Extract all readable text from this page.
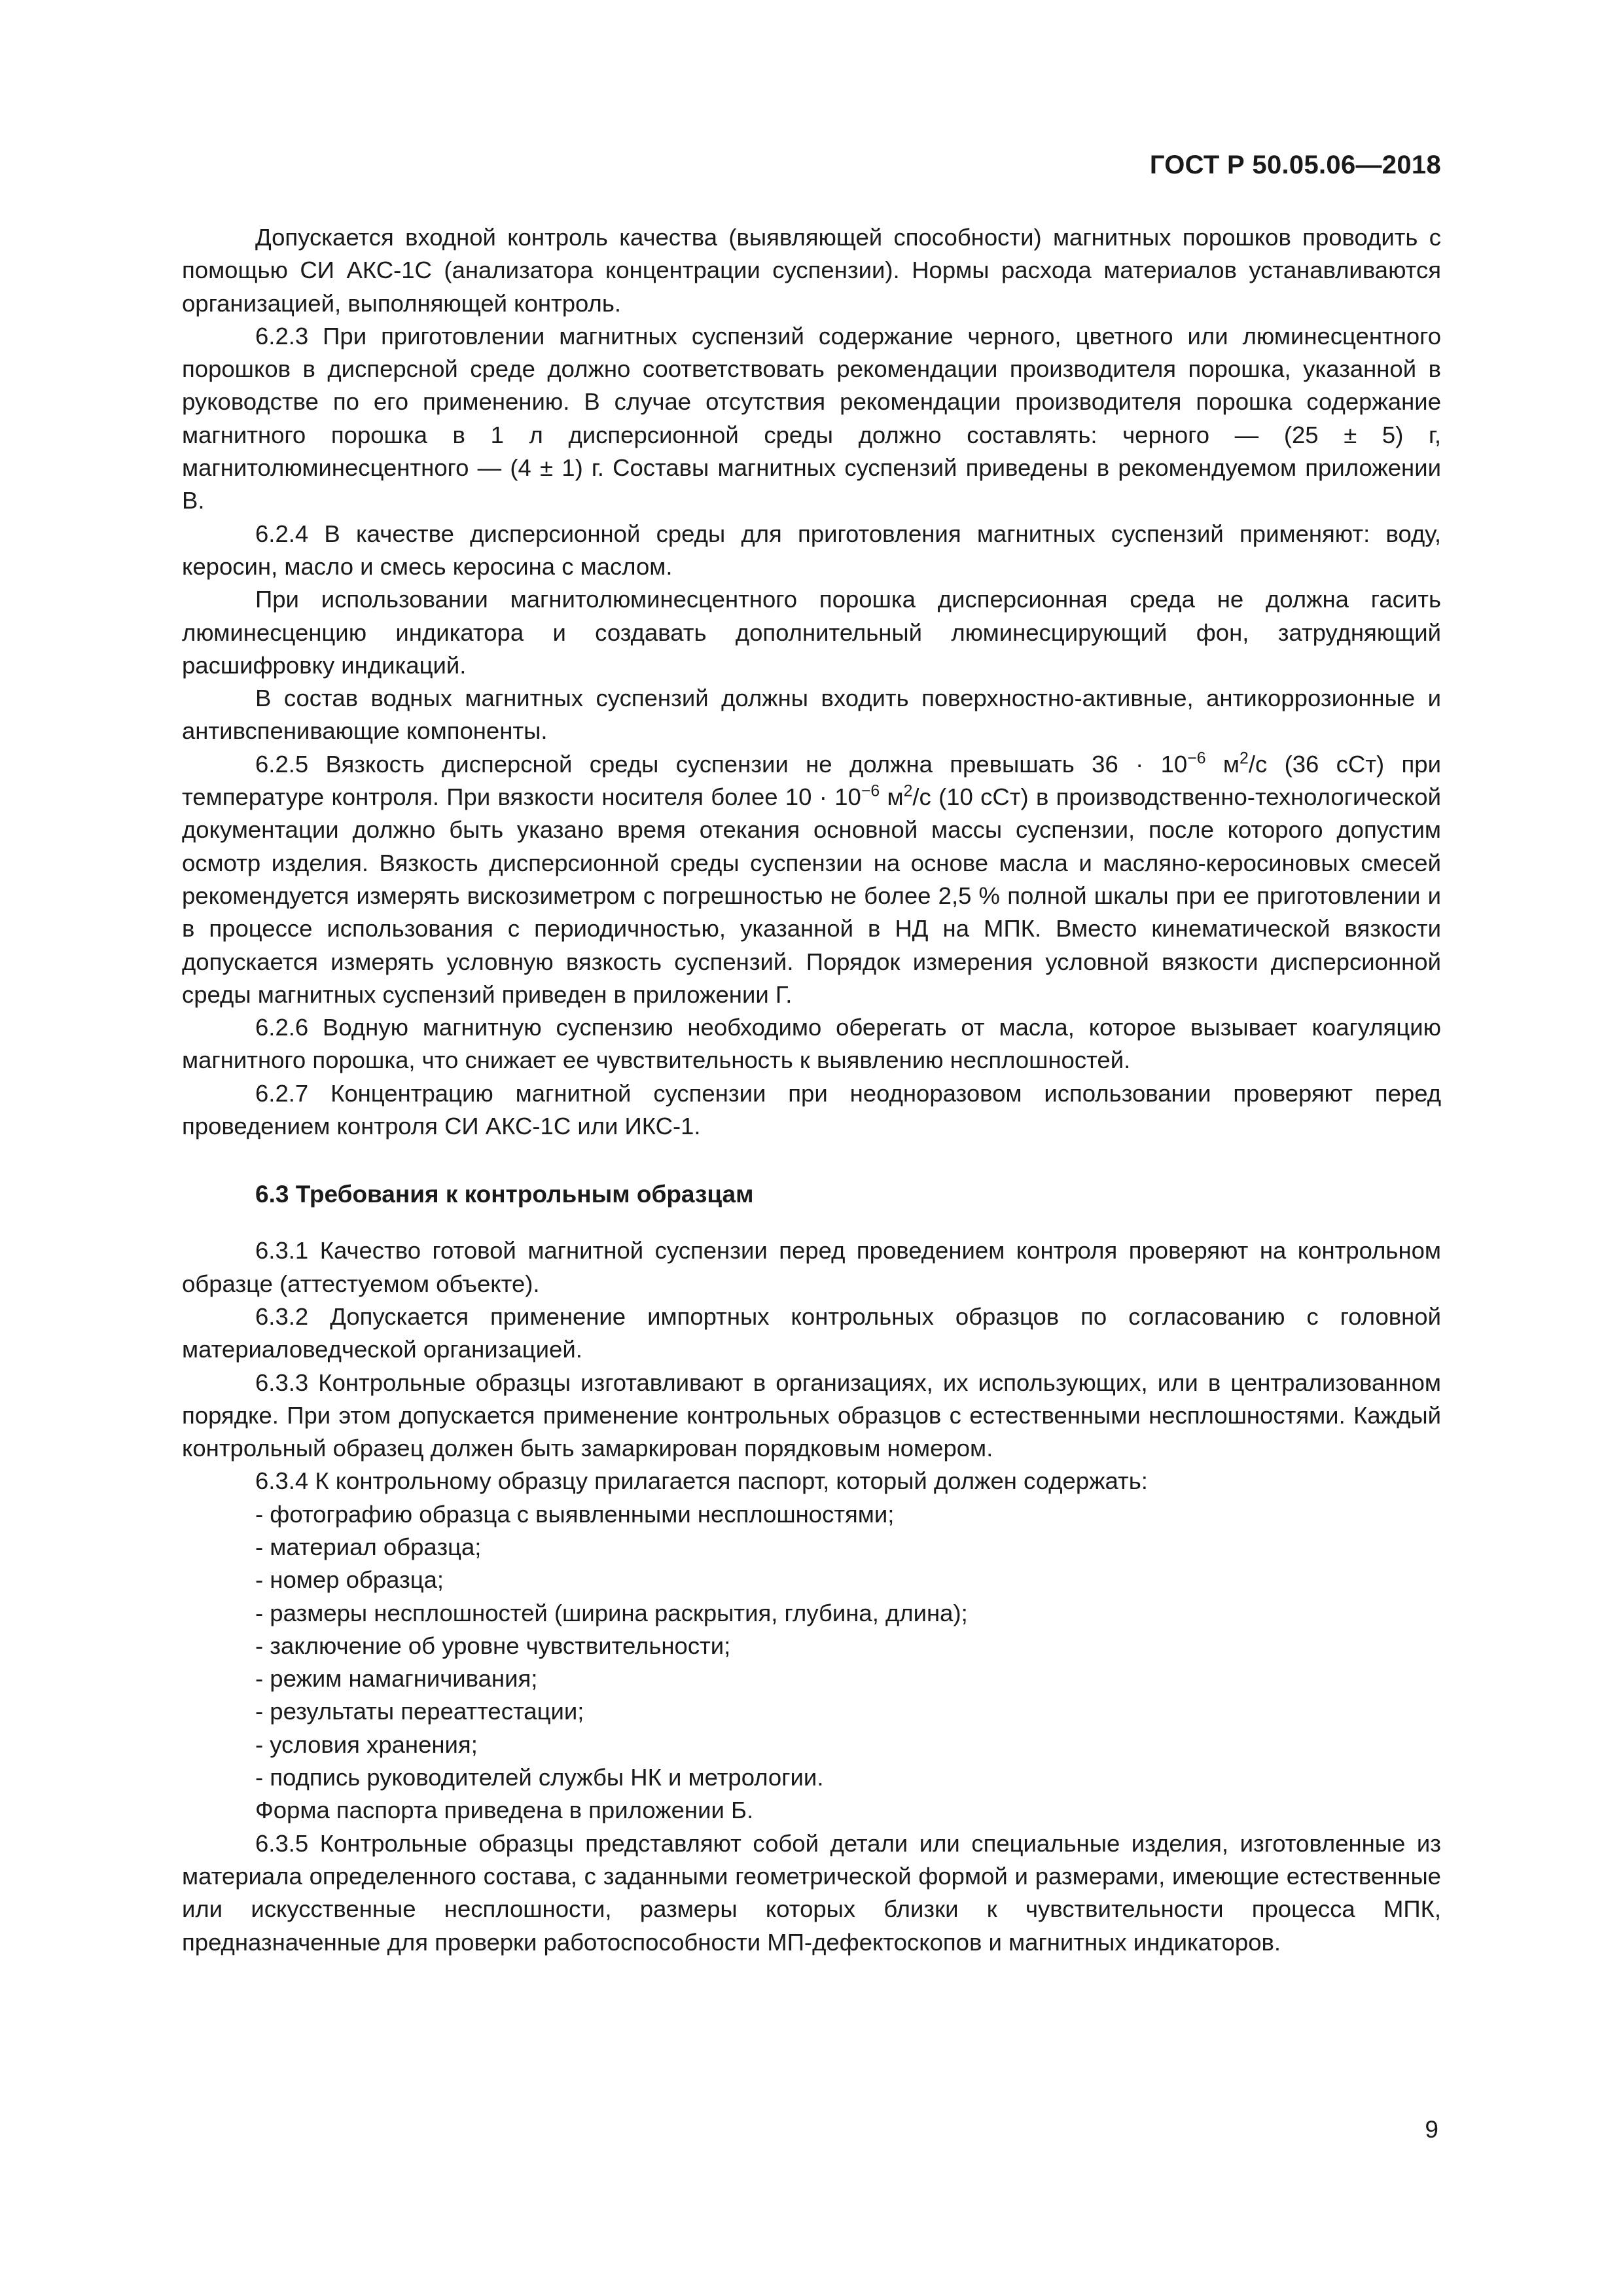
ГОСТ Р 50.05.06—2018

Допускается входной контроль качества (выявляющей способности) магнитных порошков проводить с помощью СИ АКС-1С (анализатора концентрации суспензии). Нормы расхода материалов устанавливаются организацией, выполняющей контроль.

6.2.3 При приготовлении магнитных суспензий содержание черного, цветного или люминесцентного порошков в дисперсной среде должно соответствовать рекомендации производителя порошка, указанной в руководстве по его применению. В случае отсутствия рекомендации производителя порошка содержание магнитного порошка в 1 л дисперсионной среды должно составлять: черного — (25 ± 5) г, магнитолюминесцентного — (4 ± 1) г. Составы магнитных суспензий приведены в рекомендуемом приложении В.

6.2.4 В качестве дисперсионной среды для приготовления магнитных суспензий применяют: воду, керосин, масло и смесь керосина с маслом.

При использовании магнитолюминесцентного порошка дисперсионная среда не должна гасить люминесценцию индикатора и создавать дополнительный люминесцирующий фон, затрудняющий расшифровку индикаций.

В состав водных магнитных суспензий должны входить поверхностно-активные, антикоррозионные и антивспенивающие компоненты.

6.2.5 Вязкость дисперсной среды суспензии не должна превышать $36 \cdot 10^{-6}$ $м^2/с$ (36 сСт) при температуре контроля. При вязкости носителя более $10 \cdot 10^{-6}$ $м^2/с$ (10 сСт) в производственно-технологической документации должно быть указано время отекания основной массы суспензии, после которого допустим осмотр изделия. Вязкость дисперсионной среды суспензии на основе масла и масляно-керосиновых смесей рекомендуется измерять вискозиметром с погрешностью не более 2,5 % полной шкалы при ее приготовлении и в процессе использования с периодичностью, указанной в НД на МПК. Вместо кинематической вязкости допускается измерять условную вязкость суспензий. Порядок измерения условной вязкости дисперсионной среды магнитных суспензий приведен в приложении Г.

6.2.6 Водную магнитную суспензию необходимо оберегать от масла, которое вызывает коагуляцию магнитного порошка, что снижает ее чувствительность к выявлению несплошностей.

6.2.7 Концентрацию магнитной суспензии при неодноразовом использовании проверяют перед проведением контроля СИ АКС-1С или ИКС-1.

6.3 Требования к контрольным образцам

6.3.1 Качество готовой магнитной суспензии перед проведением контроля проверяют на контрольном образце (аттестуемом объекте).

6.3.2 Допускается применение импортных контрольных образцов по согласованию с головной материаловедческой организацией.

6.3.3 Контрольные образцы изготавливают в организациях, их использующих, или в централизованном порядке. При этом допускается применение контрольных образцов с естественными несплошностями. Каждый контрольный образец должен быть замаркирован порядковым номером.

6.3.4 К контрольному образцу прилагается паспорт, который должен содержать:

- фотографию образца с выявленными несплошностями;

- материал образца;

- номер образца;

- размеры несплошностей (ширина раскрытия, глубина, длина);

- заключение об уровне чувствительности;

- режим намагничивания;

- результаты переаттестации;

- условия хранения;

- подпись руководителей службы НК и метрологии.

Форма паспорта приведена в приложении Б.

6.3.5 Контрольные образцы представляют собой детали или специальные изделия, изготовленные из материала определенного состава, с заданными геометрической формой и размерами, имеющие естественные или искусственные несплошности, размеры которых близки к чувствительности процесса МПК, предназначенные для проверки работоспособности МП-дефектоскопов и магнитных индикаторов.

9
